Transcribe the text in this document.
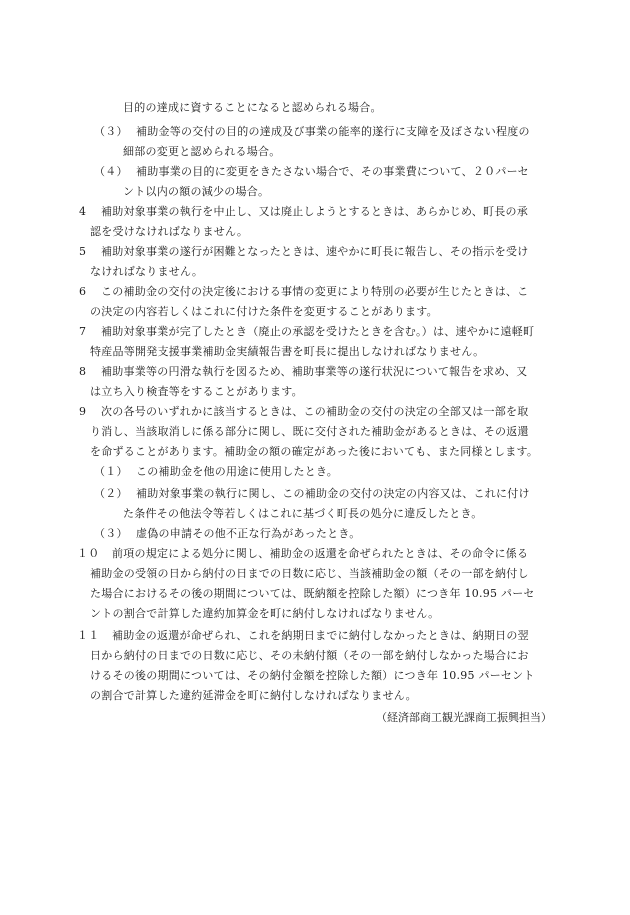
目的の達成に資することになると認められる場合。
（３） 補助金等の交付の目的の達成及び事業の能率的遂行に支障を及ぼさない程度の
細部の変更と認められる場合。
（４） 補助事業の目的に変更をきたさない場合で、その事業費について、２０パーセ
ント以内の額の減少の場合。
4 補助対象事業の執行を中止し、又は廃止しようとするときは、あらかじめ、町長の承
認を受けなければなりません。
5 補助対象事業の遂行が困難となったときは、速やかに町長に報告し、その指示を受け
なければなりません。
6 この補助金の交付の決定後における事情の変更により特別の必要が生じたときは、こ
の決定の内容若しくはこれに付けた条件を変更することがあります。
7 補助対象事業が完了したとき（廃止の承認を受けたときを含む。）は、速やかに遠軽町
特産品等開発支援事業補助金実績報告書を町長に提出しなければなりません。
8 補助事業等の円滑な執行を図るため、補助事業等の遂行状況について報告を求め、又
は立ち入り検査等をすることがあります。
9 次の各号のいずれかに該当するときは、この補助金の交付の決定の全部又は一部を取
り消し、当該取消しに係る部分に関し、既に交付された補助金があるときは、その返還
を命ずることがあります。補助金の額の確定があった後においても、また同様とします。
（１） この補助金を他の用途に使用したとき。
（２） 補助対象事業の執行に関し、この補助金の交付の決定の内容又は、これに付け
た条件その他法令等若しくはこれに基づく町長の処分に違反したとき。
（３） 虚偽の申請その他不正な行為があったとき。
１０ 前項の規定による処分に関し、補助金の返還を命ぜられたときは、その命令に係る
補助金の受領の日から納付の日までの日数に応じ、当該補助金の額（その一部を納付し
た場合におけるその後の期間については、既納額を控除した額）につき年 10.95 パーセ
ントの割合で計算した違約加算金を町に納付しなければなりません。
１１ 補助金の返還が命ぜられ、これを納期日までに納付しなかったときは、納期日の翌
日から納付の日までの日数に応じ、その未納付額（その一部を納付しなかった場合にお
けるその後の期間については、その納付金額を控除した額）につき年 10.95 パーセント
の割合で計算した違約延滞金を町に納付しなければなりません。
（経済部商工観光課商工振興担当）
